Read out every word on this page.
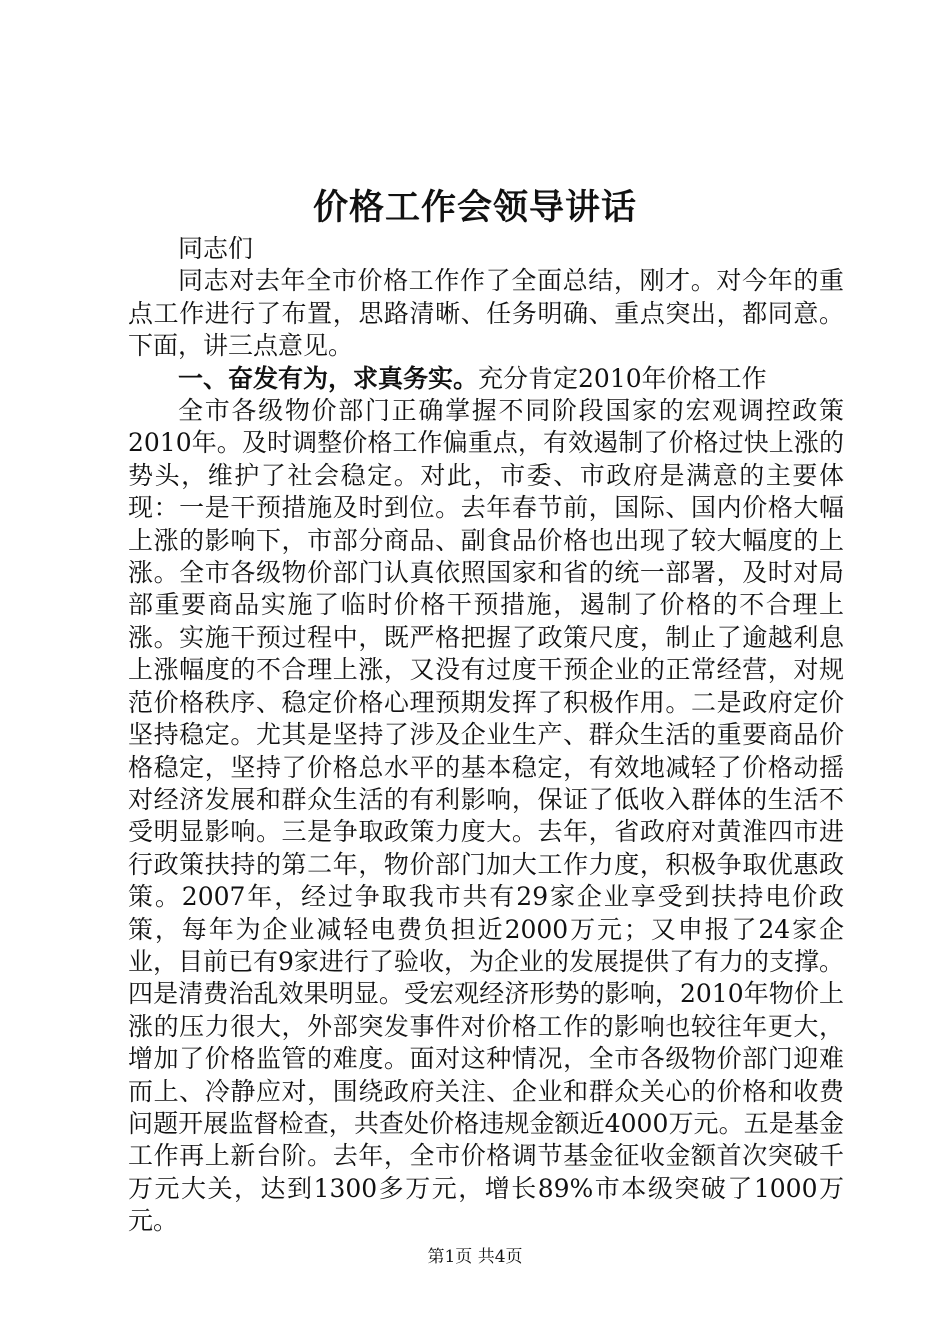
价格工作会领导讲话

同志们

同志对去年全市价格工作作了全面总结，刚才。对今年的重点工作进行了布置，思路清晰、任务明确、重点突出，都同意。下面，讲三点意见。

一、奋发有为，求真务实。充分肯定2010年价格工作

全市各级物价部门正确掌握不同阶段国家的宏观调控政策2010年。及时调整价格工作偏重点，有效遏制了价格过快上涨的势头，维护了社会稳定。对此，市委、市政府是满意的主要体现：一是干预措施及时到位。去年春节前，国际、国内价格大幅上涨的影响下，市部分商品、副食品价格也出现了较大幅度的上涨。全市各级物价部门认真依照国家和省的统一部署，及时对局部重要商品实施了临时价格干预措施，遏制了价格的不合理上涨。实施干预过程中，既严格把握了政策尺度，制止了逾越利息上涨幅度的不合理上涨，又没有过度干预企业的正常经营，对规范价格秩序、稳定价格心理预期发挥了积极作用。二是政府定价坚持稳定。尤其是坚持了涉及企业生产、群众生活的重要商品价格稳定，坚持了价格总水平的基本稳定，有效地减轻了价格动摇对经济发展和群众生活的有利影响，保证了低收入群体的生活不受明显影响。三是争取政策力度大。去年，省政府对黄淮四市进行政策扶持的第二年，物价部门加大工作力度，积极争取优惠政策。2007年，经过争取我市共有29家企业享受到扶持电价政策，每年为企业减轻电费负担近2000万元；又申报了24家企业，目前已有9家进行了验收，为企业的发展提供了有力的支撑。四是清费治乱效果明显。受宏观经济形势的影响，2010年物价上涨的压力很大，外部突发事件对价格工作的影响也较往年更大，增加了价格监管的难度。面对这种情况，全市各级物价部门迎难而上、冷静应对，围绕政府关注、企业和群众关心的价格和收费问题开展监督检查，共查处价格违规金额近4000万元。五是基金工作再上新台阶。去年，全市价格调节基金征收金额首次突破千万元大关，达到1300多万元，增长89%市本级突破了1000万元。

第1页 共4页
